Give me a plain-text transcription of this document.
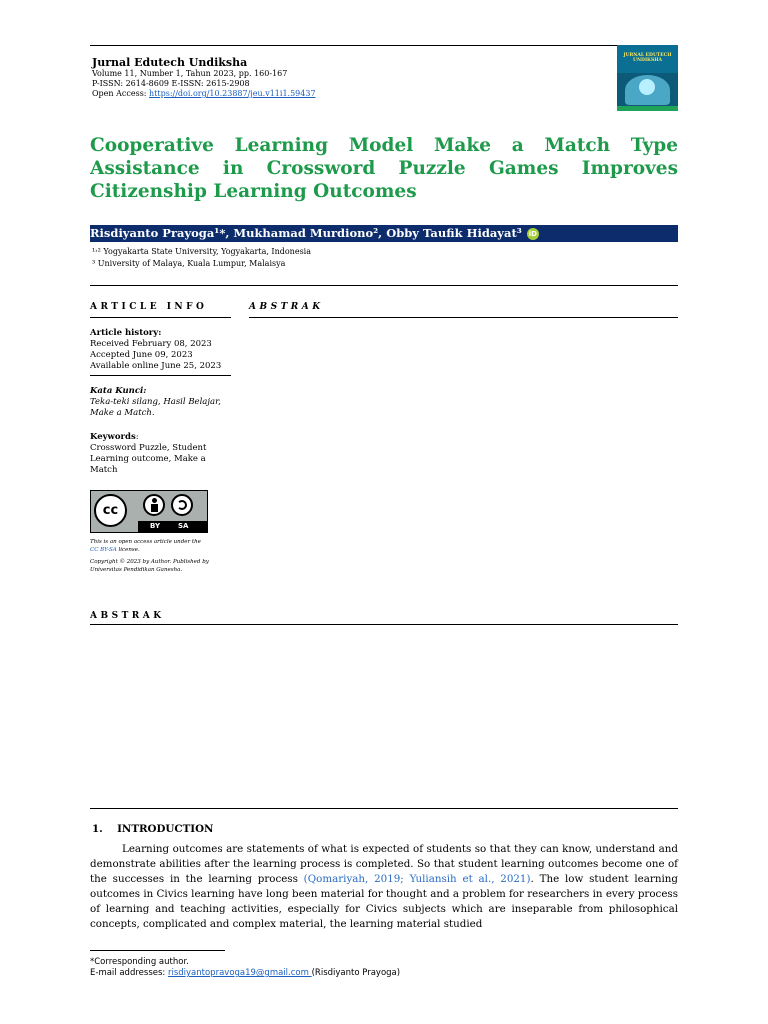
Jurnal Edutech Undiksha
Volume 11, Number 1, Tahun 2023, pp. 160-167
P-ISSN: 2614-8609 E-ISSN: 2615-2908
Open Access: https://doi.org/10.23887/jeu.v11i1.59437
JURNAL EDUTECH UNDIKSHA
Cooperative Learning Model Make a Match Type Assistance in Crossword Puzzle Games Improves Citizenship Learning Outcomes
Risdiyanto Prayoga¹*, Mukhamad Murdiono², Obby Taufik Hidayat³ iD
¹˒² Yogyakarta State University, Yogyakarta, Indonesia
³ University of Malaya, Kuala Lumpur, Malaisya
ARTICLE INFO	ABSTRAK
Article history:
Received February 08, 2023
Accepted June 09, 2023
Available online June 25, 2023
Kata Kunci:
Teka-teki silang, Hasil Belajar,
Make a Match.
Keywords:
Crossword Puzzle, Student
Learning outcome, Make a
Match
cc
BY	SA
This is an open access article under the
CC BY-SA license.
Copyright © 2023 by Author. Published by
Universitas Pendidikan Ganesha.
ABSTRAK
1.    INTRODUCTION
Learning outcomes are statements of what is expected of students so that they can know, understand and demonstrate abilities after the learning process is completed. So that student learning outcomes become one of the successes in the learning process (Qomariyah, 2019; Yuliansih et al., 2021). The low student learning outcomes in Civics learning have long been material for thought and a problem for researchers in every process of learning and teaching activities, especially for Civics subjects which are inseparable from philosophical concepts, complicated and complex material, the learning material studied
*Corresponding author.
E-mail addresses: risdiyantopravoga19@gmail.com (Risdiyanto Prayoga)
